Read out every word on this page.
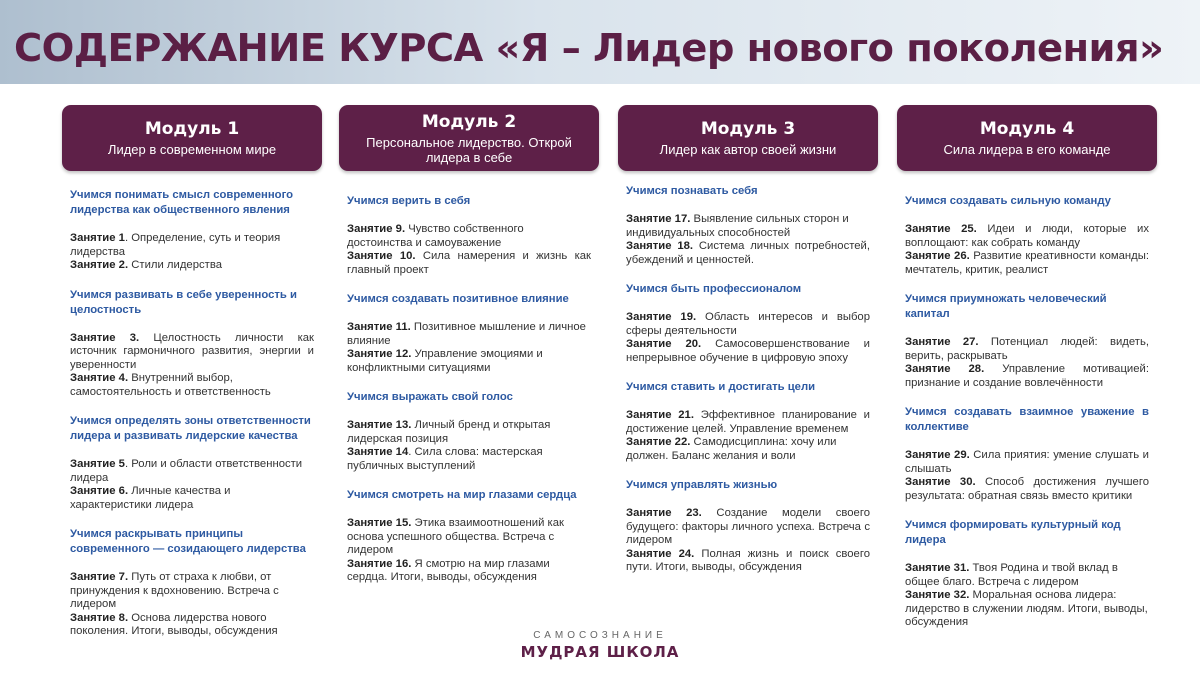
СОДЕРЖАНИЕ КУРСА «Я – Лидер нового поколения»
Модуль 1
Лидер в современном мире
Учимся понимать смысл современного лидерства как общественного явления
Занятие 1. Определение, суть и теория лидерства
Занятие 2. Стили лидерства
Учимся развивать в себе уверенность и целостность
Занятие 3. Целостность личности как источник гармоничного развития, энергии и уверенности
Занятие 4. Внутренний выбор, самостоятельность и ответственность
Учимся определять зоны ответственности лидера и развивать лидерские качества
Занятие 5. Роли и области ответственности лидера
Занятие 6. Личные качества и характеристики лидера
Учимся раскрывать принципы современного — созидающего лидерства
Занятие 7. Путь от страха к любви, от принуждения к вдохновению. Встреча с лидером
Занятие 8. Основа лидерства нового поколения. Итоги, выводы, обсуждения
Модуль 2
Персональное лидерство. Открой лидера в себе
Учимся верить в себя
Занятие 9. Чувство собственного достоинства и самоуважение
Занятие 10. Сила намерения и жизнь как главный проект
Учимся создавать позитивное влияние
Занятие 11. Позитивное мышление и личное влияние
Занятие 12. Управление эмоциями и конфликтными ситуациями
Учимся выражать свой голос
Занятие 13. Личный бренд и открытая лидерская позиция
Занятие 14. Сила слова: мастерская публичных выступлений
Учимся смотреть на мир глазами сердца
Занятие 15. Этика взаимоотношений как основа успешного общества. Встреча с лидером
Занятие 16. Я смотрю на мир глазами сердца. Итоги, выводы, обсуждения
Модуль 3
Лидер как автор своей жизни
Учимся познавать себя
Занятие 17. Выявление сильных сторон и индивидуальных способностей
Занятие 18. Система личных потребностей, убеждений и ценностей.
Учимся быть профессионалом
Занятие 19. Область интересов и выбор сферы деятельности
Занятие 20. Самосовершенствование и непрерывное обучение в цифровую эпоху
Учимся ставить и достигать цели
Занятие 21. Эффективное планирование и достижение целей. Управление временем
Занятие 22. Самодисциплина: хочу или должен. Баланс желания и воли
Учимся управлять жизнью
Занятие 23. Создание модели своего будущего: факторы личного успеха. Встреча с лидером
Занятие 24. Полная жизнь и поиск своего пути. Итоги, выводы, обсуждения
Модуль 4
Сила лидера в его команде
Учимся создавать сильную команду
Занятие 25. Идеи и люди, которые их воплощают: как собрать команду
Занятие 26. Развитие креативности команды: мечтатель, критик, реалист
Учимся приумножать человеческий капитал
Занятие 27. Потенциал людей: видеть, верить, раскрывать
Занятие 28. Управление мотивацией: признание и создание вовлечённости
Учимся создавать взаимное уважение в коллективе
Занятие 29. Сила приятия: умение слушать и слышать
Занятие 30. Способ достижения лучшего результата: обратная связь вместо критики
Учимся формировать культурный код лидера
Занятие 31. Твоя Родина и твой вклад в общее благо. Встреча с лидером
Занятие 32. Моральная основа лидера: лидерство в служении людям. Итоги, выводы, обсуждения
САМОСОЗНАНИЕ
МУДРАЯ ШКОЛА
